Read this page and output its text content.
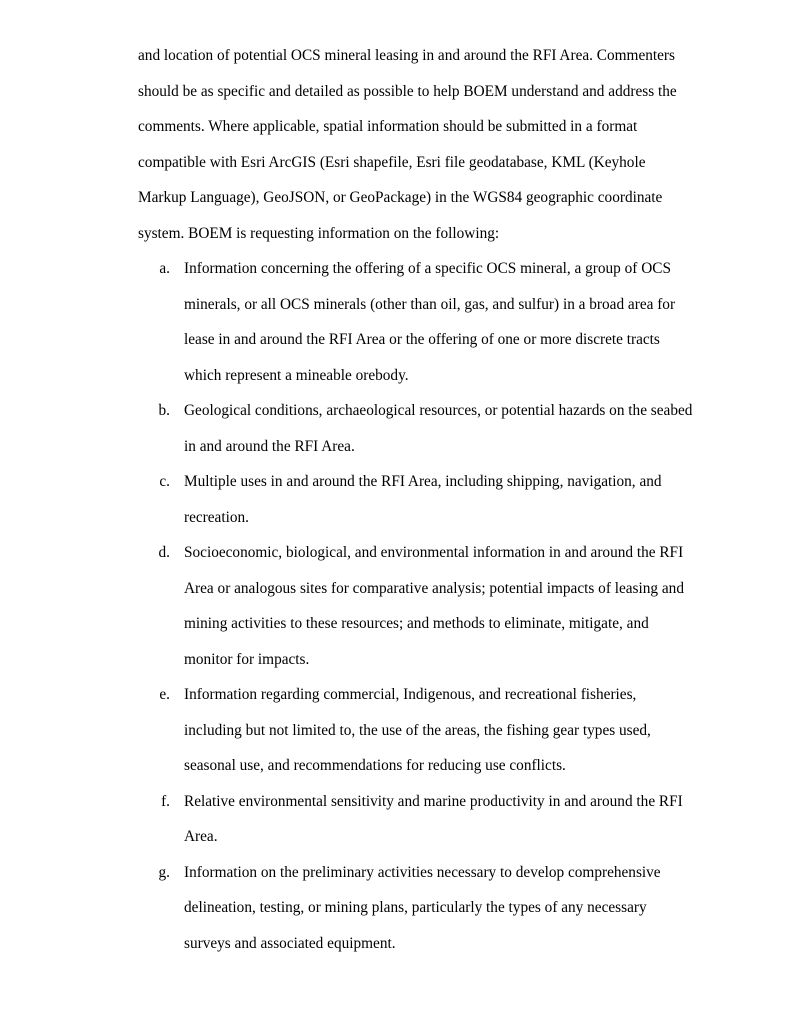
and location of potential OCS mineral leasing in and around the RFI Area. Commenters should be as specific and detailed as possible to help BOEM understand and address the comments. Where applicable, spatial information should be submitted in a format compatible with Esri ArcGIS (Esri shapefile, Esri file geodatabase, KML (Keyhole Markup Language), GeoJSON, or GeoPackage) in the WGS84 geographic coordinate system. BOEM is requesting information on the following:

a. Information concerning the offering of a specific OCS mineral, a group of OCS minerals, or all OCS minerals (other than oil, gas, and sulfur) in a broad area for lease in and around the RFI Area or the offering of one or more discrete tracts which represent a mineable orebody.
b. Geological conditions, archaeological resources, or potential hazards on the seabed in and around the RFI Area.
c. Multiple uses in and around the RFI Area, including shipping, navigation, and recreation.
d. Socioeconomic, biological, and environmental information in and around the RFI Area or analogous sites for comparative analysis; potential impacts of leasing and mining activities to these resources; and methods to eliminate, mitigate, and monitor for impacts.
e. Information regarding commercial, Indigenous, and recreational fisheries, including but not limited to, the use of the areas, the fishing gear types used, seasonal use, and recommendations for reducing use conflicts.
f. Relative environmental sensitivity and marine productivity in and around the RFI Area.
g. Information on the preliminary activities necessary to develop comprehensive delineation, testing, or mining plans, particularly the types of any necessary surveys and associated equipment.
